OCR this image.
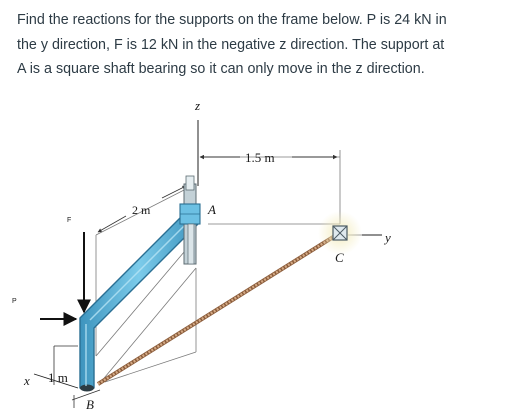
Find the reactions for the supports on the frame below. P is 24 kN in

the y direction, F is 12 kN in the negative z direction. The support at

A is a square shaft bearing so it can only move in the z direction.

z
1.5 m
2 m
C
y
A
F
P
x 1 m
B
